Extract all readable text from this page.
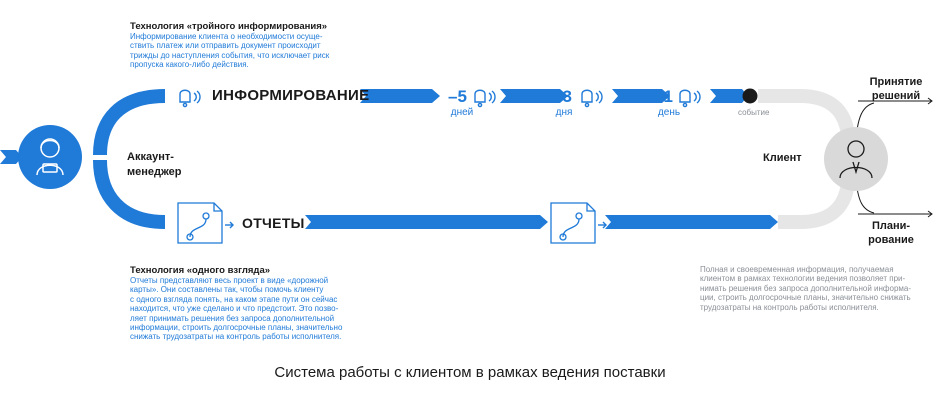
Технология «тройного информирования»
Информирование клиента о необходимости осуще-
ствить платеж или отправить документ происходит
трижды до наступления события, что исключает риск
пропуска какого-либо действия.
ИНФОРМИРОВАНИЕ	–5
дней
–3
дня
–1
день	событие
Аккаунт-
менеджер
Клиент
Принятие
решений
Плани-
рование
ОТЧЕТЫ
Технология «одного взгляда»
Отчеты представляют весь проект в виде «дорожной
карты». Они составлены так, чтобы помочь клиенту
с одного взгляда понять, на каком этапе пути он сейчас
находится, что уже сделано и что предстоит. Это позво-
ляет принимать решения без запроса дополнительной
информации, строить долгосрочные планы, значительно
снижать трудозатраты на контроль работы исполнителя.
Полная и своевременная информация, получаемая
клиентом в рамках технологии ведения позволяет при-
нимать решения без запроса дополнительной информа-
ции, строить долгосрочные планы, значительно снижать
трудозатраты на контроль работы исполнителя.
Система работы с клиентом в рамках ведения поставки
